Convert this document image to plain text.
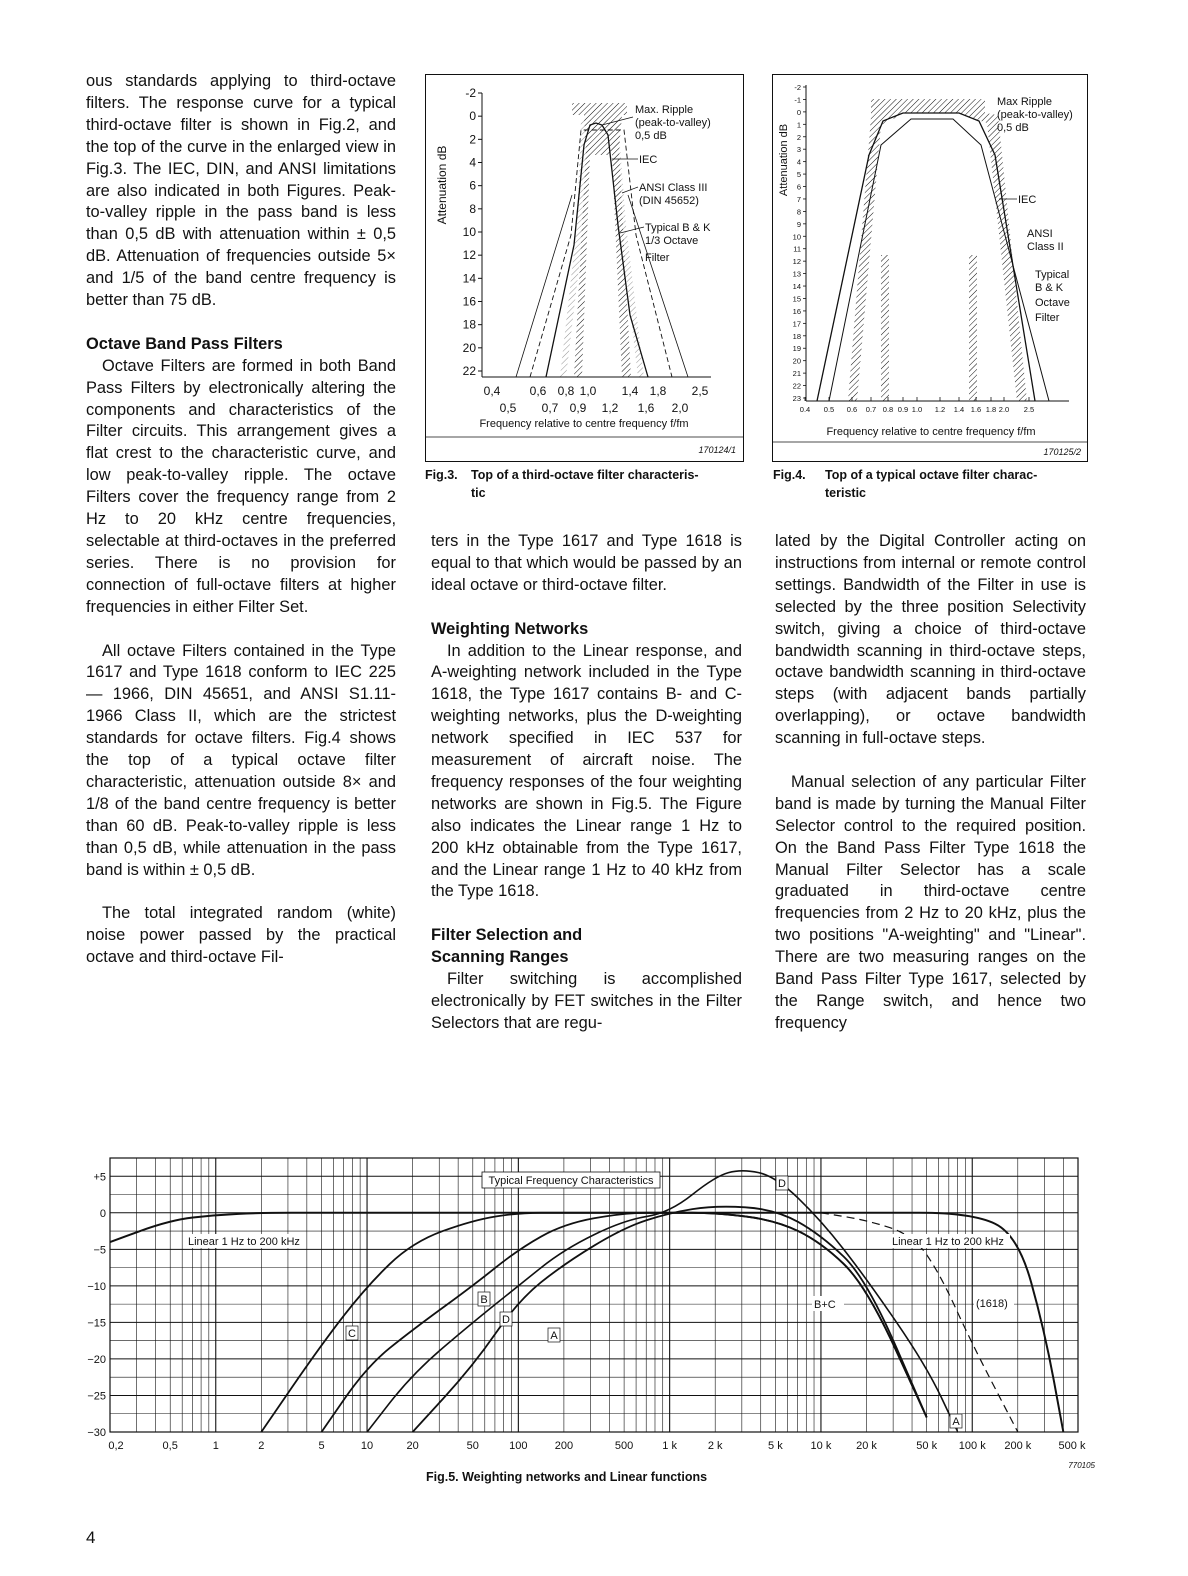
ous standards applying to third-octave filters. The response curve for a typical third-octave filter is shown in Fig.2, and the top of the curve in the enlarged view in Fig.3. The IEC, DIN, and ANSI limitations are also indicated in both Figures. Peak-to-valley ripple in the pass band is less than 0,5 dB with attenuation within ± 0,5 dB. Attenuation of frequencies outside 5× and 1/5 of the band centre frequency is better than 75 dB.

Octave Band Pass Filters

Octave Filters are formed in both Band Pass Filters by electronically altering the components and characteristics of the Filter circuits. This arrangement gives a flat crest to the characteristic curve, and low peak-to-valley ripple. The octave Filters cover the frequency range from 2 Hz to 20 kHz centre frequencies, selectable at third-octaves in the preferred series. There is no provision for connection of full-octave filters at higher frequencies in either Filter Set.

All octave Filters contained in the Type 1617 and Type 1618 conform to IEC 225 — 1966, DIN 45651, and ANSI S1.11-1966 Class II, which are the strictest standards for octave filters. Fig.4 shows the top of a typical octave filter characteristic, attenuation outside 8× and 1/8 of the band centre frequency is better than 60 dB. Peak-to-valley ripple is less than 0,5 dB, while attenuation in the pass band is within ± 0,5 dB.

The total integrated random (white) noise power passed by the practical octave and third-octave Fil-

-2
0
2
4
6
8
10
12
14
16
18
20
22
Attenuation dB
Max. Ripple
(peak-to-valley)
0,5 dB
IEC
ANSI Class III
(DIN 45652)
Typical B & K
1/3 Octave
Filter
0,4 0,6 0,8 1,0 1,4 1,8 2,5
0,5 0,7 0,9 1,2 1,6 2,0
Frequency relative to centre frequency f/fm
170124/1
Fig.3. Top of a third-octave filter characteris-
tic
-2
-1
0
1
2
3
4
5
6
7
8
9
10
11
12
13
14
15
16
17
18
19
20
21
22
23
Attenuation dB
Max Ripple
(peak-to-valley)
0,5 dB
IEC
ANSI
Class II
Typical
B & K
Octave
Filter
0.4 0.5 0.6 0.7 0.8 0.9 1.0 1.2 1.4 1.6 1.8 2.0 2.5
Frequency relative to centre frequency f/fm
170125/2
Fig.4. Top of a typical octave filter charac-
teristic

ters in the Type 1617 and Type 1618 is equal to that which would be passed by an ideal octave or third-octave filter.

Weighting Networks

In addition to the Linear response, and A-weighting network included in the Type 1618, the Type 1617 contains B- and C-weighting networks, plus the D-weighting network specified in IEC 537 for measurement of aircraft noise. The frequency responses of the four weighting networks are shown in Fig.5. The Figure also indicates the Linear range 1 Hz to 200 kHz obtainable from the Type 1617, and the Linear range 1 Hz to 40 kHz from the Type 1618.

Filter Selection and
Scanning Ranges

Filter switching is accomplished electronically by FET switches in the Filter Selectors that are regu-

lated by the Digital Controller acting on instructions from internal or remote control settings. Bandwidth of the Filter in use is selected by the three position Selectivity switch, giving a choice of third-octave bandwidth scanning in third-octave steps, octave bandwidth scanning in third-octave steps (with adjacent bands partially overlapping), or octave bandwidth scanning in full-octave steps.

Manual selection of any particular Filter band is made by turning the Manual Filter Selector control to the required position. On the Band Pass Filter Type 1618 the Manual Filter Selector has a scale graduated in third-octave centre frequencies from 2 Hz to 20 kHz, plus the two positions "A-weighting" and "Linear". There are two measuring ranges on the Band Pass Filter Type 1617, selected by the Range switch, and hence two frequency

+5
0
−5
−10
−15
−20
−25
−30
0,2	0,5	1	2	5	10	20	50	100 200	500	1 k	2 k	5 k	10 k 20 k	50 k 100 k 200 k 500 k
Typical Frequency Characteristics
Linear 1 Hz to 200 kHz	Linear 1 Hz to 200 kHz
(1618)
B+C
B
D
C	A
D
A
770105
Fig.5. Weighting networks and Linear functions
4
